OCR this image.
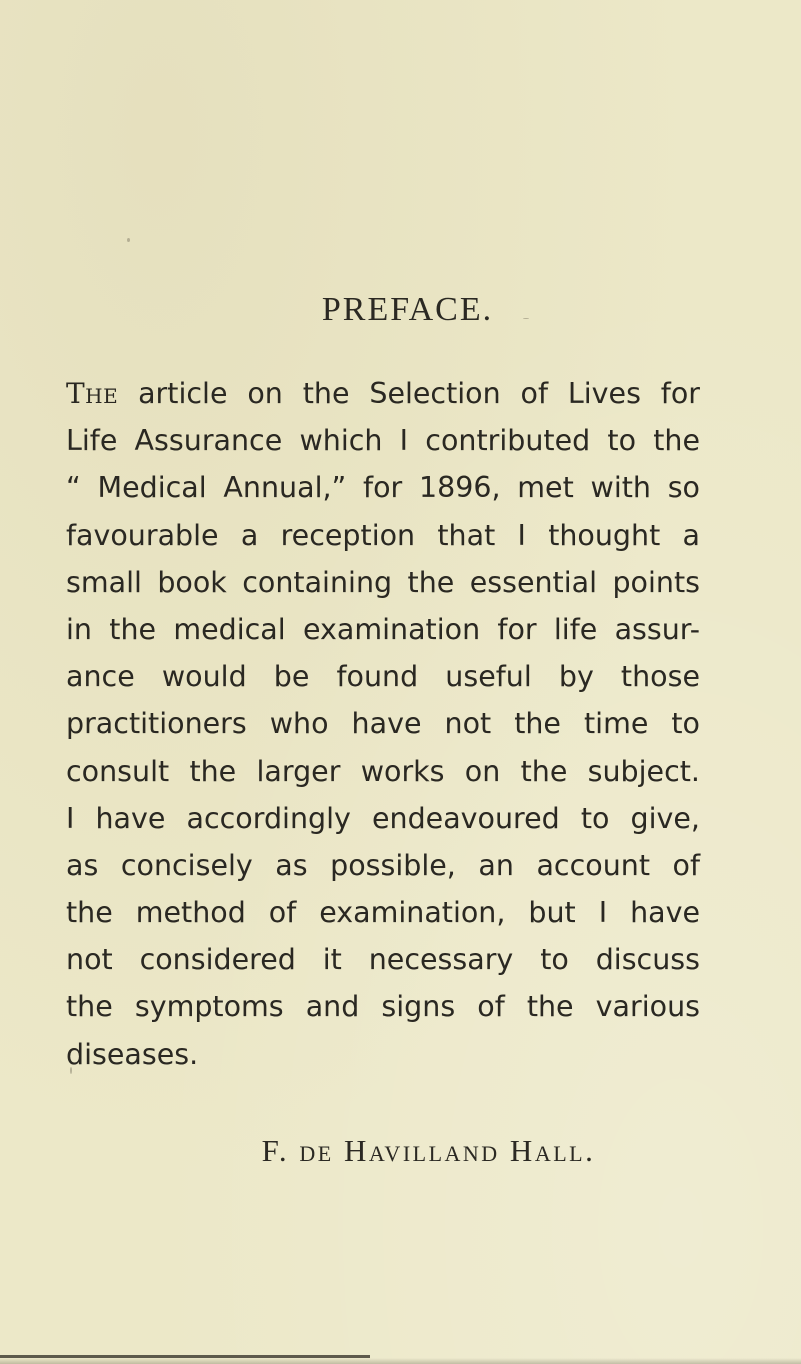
PREFACE.
The article on the Selection of Lives for
Life Assurance which I contributed to the
“ Medical Annual,” for 1896, met with so
favourable a reception that I thought a
small book containing the essential points
in the medical examination for life assur-
ance would be found useful by those
practitioners who have not the time to
consult the larger works on the subject.
I have accordingly endeavoured to give,
as concisely as possible, an account of
the method of examination, but I have
not considered it necessary to discuss
the symptoms and signs of the various
diseases.
F. de Havilland Hall.
